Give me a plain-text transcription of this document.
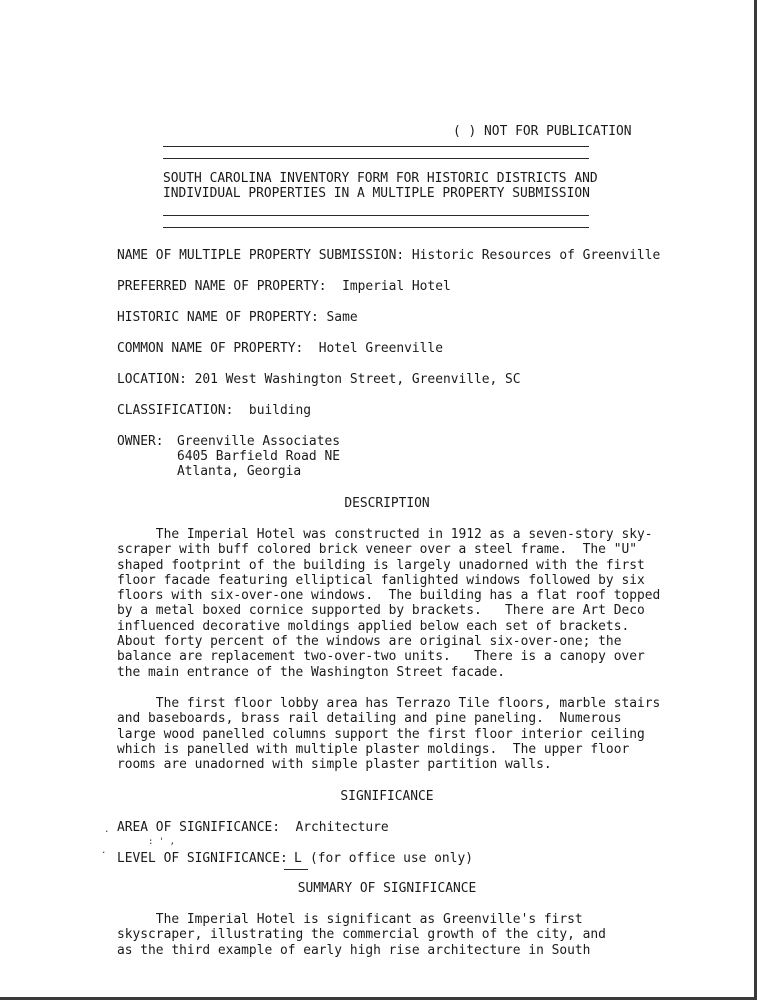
( ) NOT FOR PUBLICATION
SOUTH CAROLINA INVENTORY FORM FOR HISTORIC DISTRICTS AND
INDIVIDUAL PROPERTIES IN A MULTIPLE PROPERTY SUBMISSION
NAME OF MULTIPLE PROPERTY SUBMISSION: Historic Resources of Greenville
PREFERRED NAME OF PROPERTY:  Imperial Hotel
HISTORIC NAME OF PROPERTY: Same
COMMON NAME OF PROPERTY:  Hotel Greenville
LOCATION: 201 West Washington Street, Greenville, SC
CLASSIFICATION:  building
OWNER: Greenville Associates
6405 Barfield Road NE
Atlanta, Georgia
DESCRIPTION
The Imperial Hotel was constructed in 1912 as a seven-story sky-
scraper with buff colored brick veneer over a steel frame.  The "U"
shaped footprint of the building is largely unadorned with the first
floor facade featuring elliptical fanlighted windows followed by six
floors with six-over-one windows.  The building has a flat roof topped
by a metal boxed cornice supported by brackets.   There are Art Deco
influenced decorative moldings applied below each set of brackets.
About forty percent of the windows are original six-over-one; the
balance are replacement two-over-two units.   There is a canopy over
the main entrance of the Washington Street facade.
The first floor lobby area has Terrazo Tile floors, marble stairs
and baseboards, brass rail detailing and pine paneling.  Numerous
large wood panelled columns support the first floor interior ceiling
which is panelled with multiple plaster moldings.  The upper floor
rooms are unadorned with simple plaster partition walls.
SIGNIFICANCE
. AREA OF SIGNIFICANCE:  Architecture
: ' ,
. LEVEL OF SIGNIFICANCE: L (for office use only)
SUMMARY OF SIGNIFICANCE
The Imperial Hotel is significant as Greenville's first
skyscraper, illustrating the commercial growth of the city, and
as the third example of early high rise architecture in South
